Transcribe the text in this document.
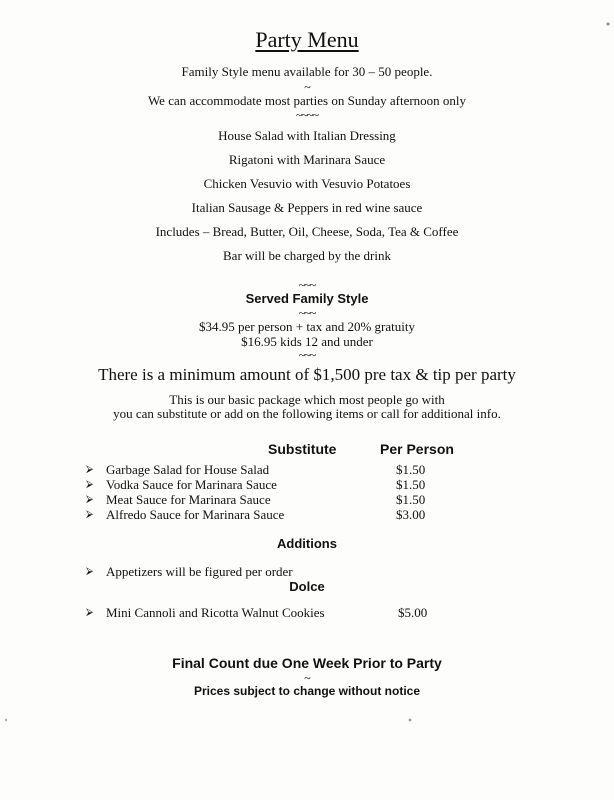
Party Menu
Family Style menu available for 30 – 50 people.
~
We can accommodate most parties on Sunday afternoon only
~~~~
House Salad with Italian Dressing
Rigatoni with Marinara Sauce
Chicken Vesuvio with Vesuvio Potatoes
Italian Sausage & Peppers in red wine sauce
Includes – Bread, Butter, Oil, Cheese, Soda, Tea & Coffee
Bar will be charged by the drink
~~~
Served Family Style
~~~
$34.95 per person + tax and 20% gratuity
$16.95 kids 12 and under
~~~
There is a minimum amount of $1,500 pre tax & tip per party
This is our basic package which most people go with
you can substitute or add on the following items or call for additional info.
Substitute	Per Person
⮚ Garbage Salad for House Salad	$1.50
⮚ Vodka Sauce for Marinara Sauce	$1.50
⮚ Meat Sauce for Marinara Sauce	$1.50
⮚ Alfredo Sauce for Marinara Sauce	$3.00
Additions
⮚ Appetizers will be figured per order
Dolce
⮚ Mini Cannoli and Ricotta Walnut Cookies	$5.00
Final Count due One Week Prior to Party
~
Prices subject to change without notice
